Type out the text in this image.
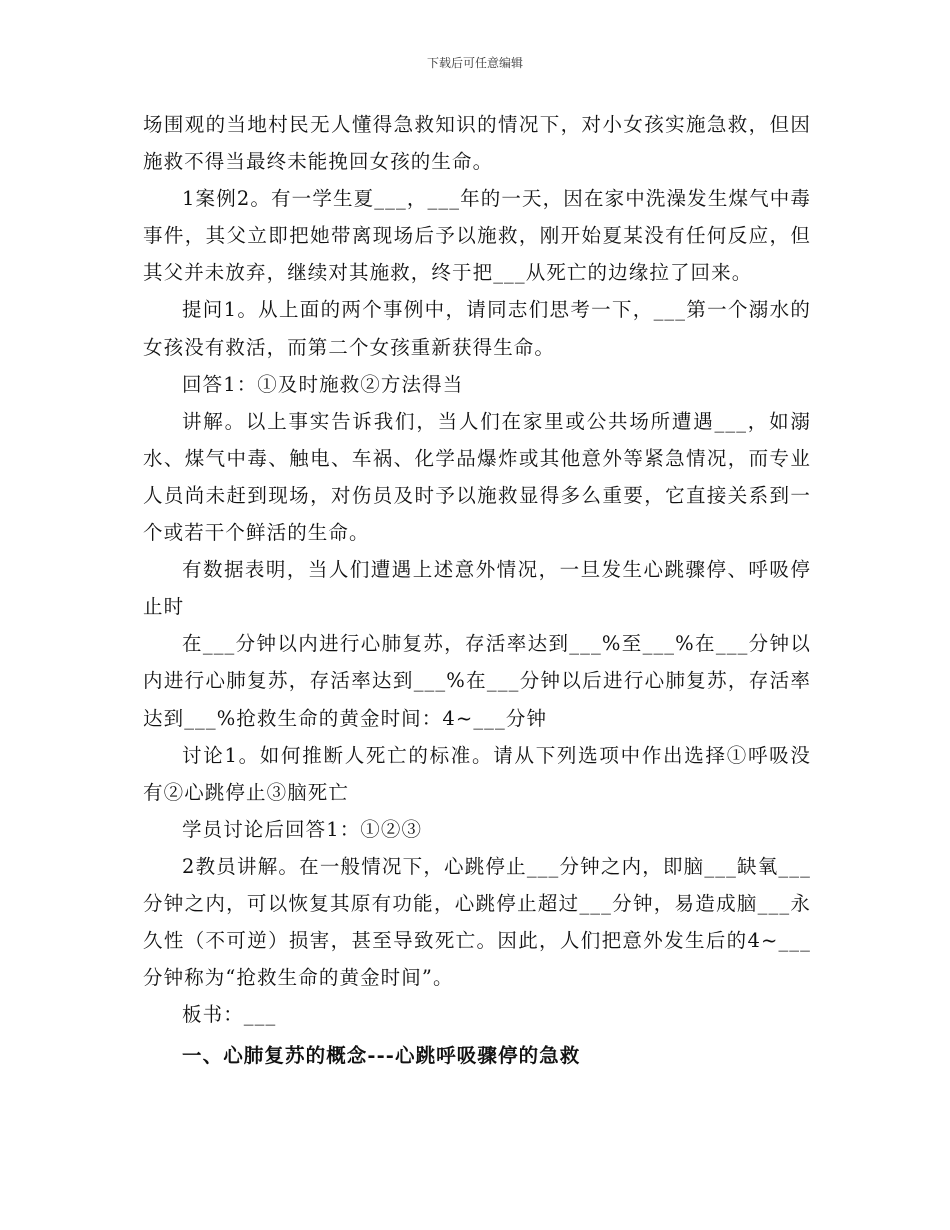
下载后可任意编辑

场围观的当地村民无人懂得急救知识的情况下，对小女孩实施急救，但因施救不得当最终未能挽回女孩的生命。

1案例2。有一学生夏___，___年的一天，因在家中洗澡发生煤气中毒事件，其父立即把她带离现场后予以施救，刚开始夏某没有任何反应，但其父并未放弃，继续对其施救，终于把___从死亡的边缘拉了回来。

提问1。从上面的两个事例中，请同志们思考一下，___第一个溺水的女孩没有救活，而第二个女孩重新获得生命。

回答1：①及时施救②方法得当

讲解。以上事实告诉我们，当人们在家里或公共场所遭遇___，如溺水、煤气中毒、触电、车祸、化学品爆炸或其他意外等紧急情况，而专业人员尚未赶到现场，对伤员及时予以施救显得多么重要，它直接关系到一个或若干个鲜活的生命。

有数据表明，当人们遭遇上述意外情况，一旦发生心跳骤停、呼吸停止时

在___分钟以内进行心肺复苏，存活率达到___%至___%在___分钟以内进行心肺复苏，存活率达到___%在___分钟以后进行心肺复苏，存活率达到___%抢救生命的黄金时间：4~___分钟

讨论1。如何推断人死亡的标准。请从下列选项中作出选择①呼吸没有②心跳停止③脑死亡

学员讨论后回答1：①②③

2教员讲解。在一般情况下，心跳停止___分钟之内，即脑___缺氧___分钟之内，可以恢复其原有功能，心跳停止超过___分钟，易造成脑___永久性（不可逆）损害，甚至导致死亡。因此，人们把意外发生后的4~___分钟称为“抢救生命的黄金时间”。

板书：___

一、心肺复苏的概念---心跳呼吸骤停的急救
